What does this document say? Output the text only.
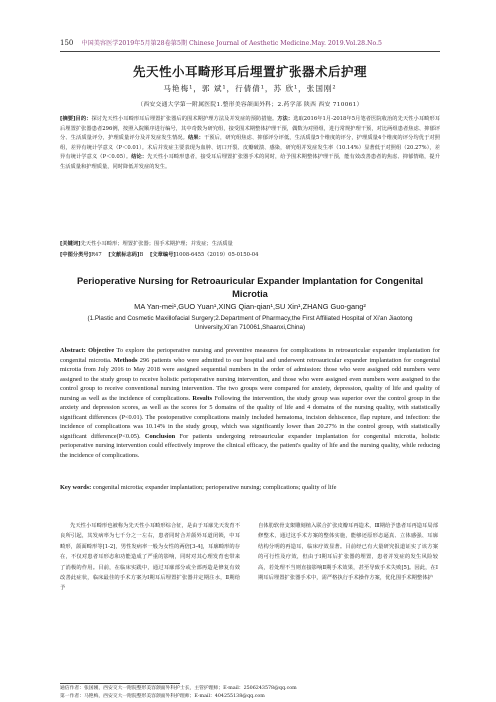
150 中国美容医学2019年5月第28卷第5期 Chinese Journal of Aesthetic Medicine.May. 2019.Vol.28.No.5
先天性小耳畸形耳后埋置扩张器术后护理
马艳梅¹，郭 斌¹，行倩倩¹，苏 欣¹，张国刚²
（西安交通大学第一附属医院1.整形美容颌面外科；2.药学部 陕西 西安 710061）
[摘要]目的：探讨先天性小耳畸形耳后埋置扩张器后的围术期护理方法及并发症的预防措施。方法：选取2016年1月-2018年5月笔者医院收治的先天性小耳畸形耳后埋置扩张器患者296例，按照入院顺序进行编号，其中奇数为研究组，接受围术期整体护理干预，偶数为对照组，进行常规护理干预，对比两组患者焦虑、抑郁评分、生活质量评分，护理质量评分及并发症发生情况。结果：干预后，研究组焦虑、抑郁评分评低，生活质量5个维度的评分，护理质量4个维度的评分均优于对照组，差异有统计学意义（P＜0.01）。术后并发症主要表现为血肿、切口开裂、皮瓣破溃、感染，研究组并发症发生率（10.14%）显著低于对照组（20.27%），差异有统计学意义（P＜0.05）。结论：先天性小耳畸形患者，接受耳后埋置扩张器手术的同时，给予围术期整体护理干预，能有效改善患者的焦虑、抑郁情绪，提升生活质量和护理质量，同时降低并发症的发生。
[关键词]先天性小耳畸形；埋置扩张器；围手术期护理；并发症；生活质量
[中图分类号]R47 [文献标志码]B [文章编号]1008-6455（2019）05-0150-04
Perioperative Nursing for Retroauricular Expander Implantation for Congenital Microtia
MA Yan-mei¹,GUO Yuan¹,XING Qian-qian¹,SU Xin¹,ZHANG Guo-gang²
(1.Plastic and Cosmetic Maxillofacial Surgery;2.Department of Pharmacy,the First Affiliated Hospital of Xi'an Jiaotong University,Xi'an 710061,Shaanxi,China)
Abstract: Objective To explore the perioperative nursing and preventive measures for complications in retroauricular expander implantation for congenital microtia. Methods 296 patients who were admitted to our hospital and underwent retroauricular expander implantation for congenital microtia from July 2016 to May 2018 were assigned sequential numbers in the order of admission: those who were assigned odd numbers were assigned to the study group to receive holistic perioperative nursing intervention, and those who were assigned even numbers were assigned to the control group to receive conventional nursing intervention. The two groups were compared for anxiety, depression, quality of life and quality of nursing as well as the incidence of complications. Results Following the intervention, the study group was superior over the control group in the anxiety and depression scores, as well as the scores for 5 domains of the quality of life and 4 domains of the nursing quality, with statistically significant differences (P<0.01). The postoperative complications mainly included hematoma, incision dehiscence, flap rupture, and infection: the incidence of complications was 10.14% in the study group, which was significantly lower than 20.27% in the control group, with statistically significant difference(P<0.05). Conclusion For patients undergoing retroauricular expander implantation for congenital microtia, holistic perioperative nursing intervention could effectively improve the clinical efficacy, the patient's quality of life and the nursing quality, while reducing the incidence of complications.
Key words: congenital microtia; expander implantation; perioperative nursing; complications; quality of life
先天性小耳畸形也被称为先天性小耳畸形综合征，是由于耳廓先天发育不良所引起，其发病率为七千分之一左右，患者同时合并颌外耳道闭锁，中耳畸形，颌面畸形等[1-2]，男性发病率一般为女性的两倍[3-4]，耳廓畸形的存在，不仅对患者耳形态和功能造成了严重的影响，同时对其心理发育也带来了消极的作用。目前，在临床实践中，通过耳廓部分或全部再造是修复有效改善此症状，临床最佳的手术方案为Ⅰ期耳后埋置扩张器并定期注水，Ⅱ期给予
自体肋软骨支架雕刻植入联合扩张皮瓣耳再造术，Ⅲ期给予患者耳再造耳局部修整术，通过这手术方案的整体实施，能够还原形态逼真、立体感强、耳廓结构分明的再造耳，临床疗效显著。目前经已有大量研究报道证实了该方案的可行性及疗效，但由于Ⅰ期耳后扩张器的埋置，患者并发症的发生风险较高，若处理不当则直接影响Ⅱ期手术效果，甚至导致手术失败[5]。因此，在Ⅰ期耳后埋置扩张器手术中，需严格执行手术操作方案，优化围手术期整体护
通信作者：张国刚，西安交大一附院整形美容颌面外科护士长，主管护理师；E-mail：2506243578@qq.com
第一作者：马艳梅，西安交大一附院整形美容颌面外科护理师；E-mail：404255138@qq.com
